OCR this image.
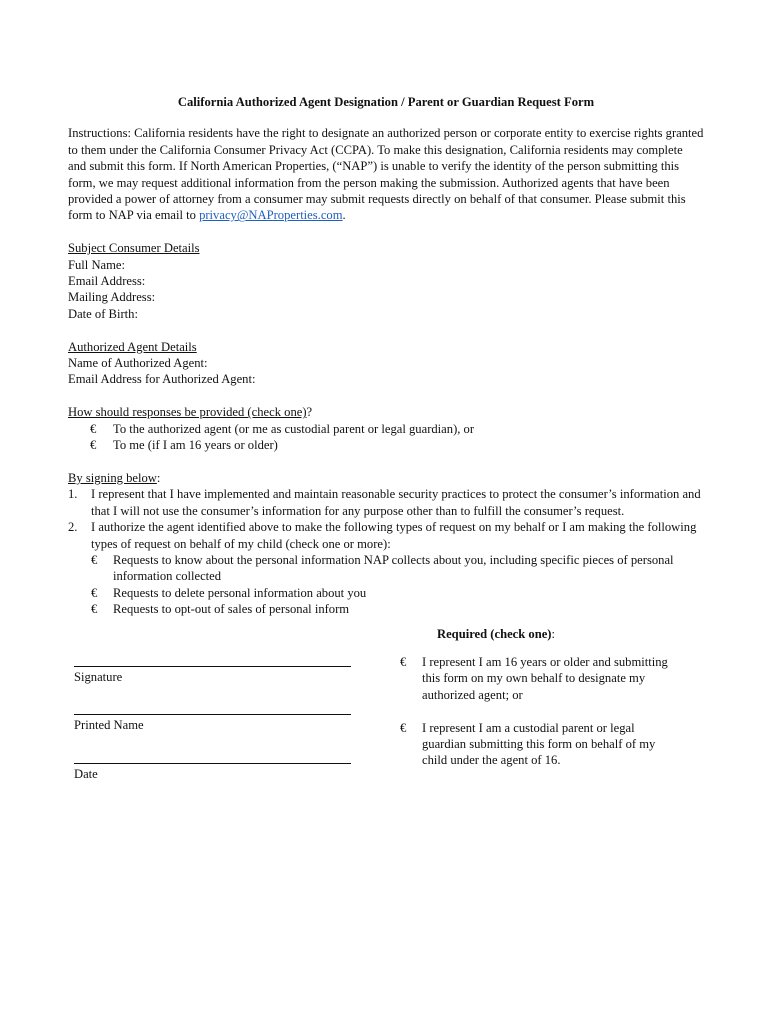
California Authorized Agent Designation / Parent or Guardian Request Form

Instructions: California residents have the right to designate an authorized person or corporate entity to exercise rights granted to them under the California Consumer Privacy Act (CCPA). To make this designation, California residents may complete and submit this form. If North American Properties, (“NAP”) is unable to verify the identity of the person submitting this form, we may request additional information from the person making the submission. Authorized agents that have been provided a power of attorney from a consumer may submit requests directly on behalf of that consumer. Please submit this form to NAP via email to privacy@NAProperties.com.

Subject Consumer Details
Full Name:
Email Address:
Mailing Address:
Date of Birth:
Authorized Agent Details
Name of Authorized Agent:
Email Address for Authorized Agent:
How should responses be provided (check one)?
€ To the authorized agent (or me as custodial parent or legal guardian), or
€ To me (if I am 16 years or older)
By signing below:
1. I represent that I have implemented and maintain reasonable security practices to protect the consumer’s information and that I will not use the consumer’s information for any purpose other than to fulfill the consumer’s request.
2. I authorize the agent identified above to make the following types of request on my behalf or I am making the following types of request on behalf of my child (check one or more):
€ Requests to know about the personal information NAP collects about you, including specific pieces of personal information collected
€ Requests to delete personal information about you
€ Requests to opt-out of sales of personal inform
Required (check one):
Signature
Printed Name
Date
€ I represent I am 16 years or older and submitting this form on my own behalf to designate my authorized agent; or
€ I represent I am a custodial parent or legal guardian submitting this form on behalf of my child under the agent of 16.
